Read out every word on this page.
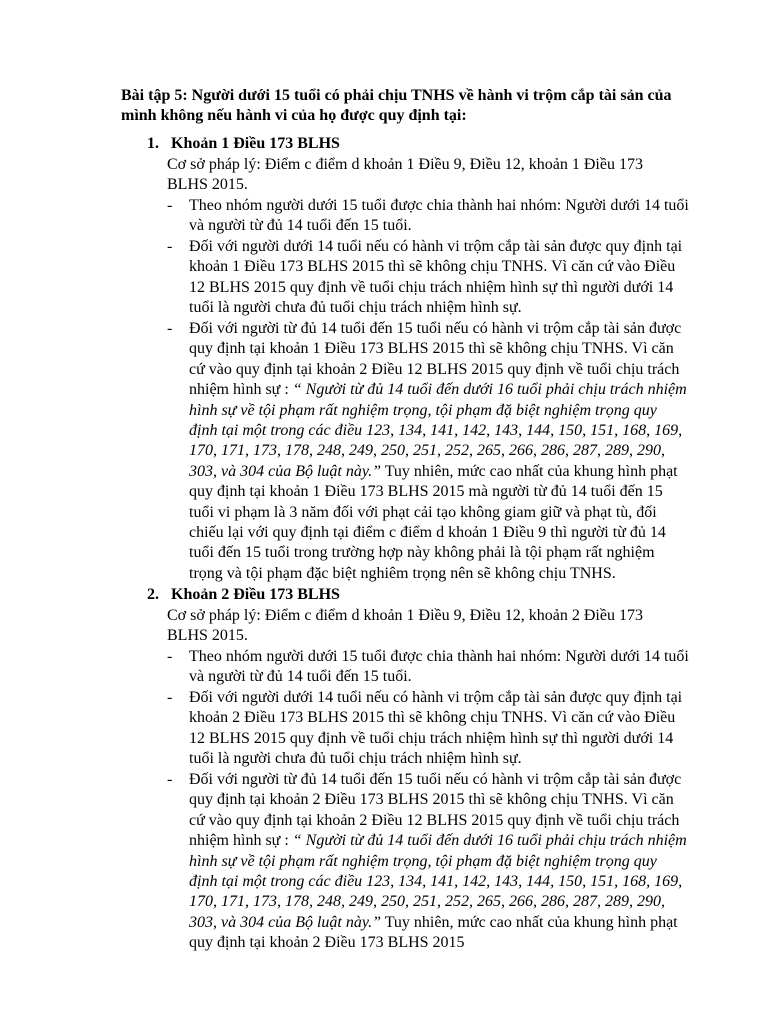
Bài tập 5: Người dưới 15 tuổi có phải chịu TNHS về hành vi trộm cắp tài sản của mình không nếu hành vi của họ được quy định tại:

1. Khoản 1 Điều 173 BLHS
Cơ sở pháp lý: Điểm c điểm d khoản 1 Điều 9, Điều 12, khoản 1 Điều 173 BLHS 2015.
- Theo nhóm người dưới 15 tuổi được chia thành hai nhóm: Người dưới 14 tuổi và người từ đủ 14 tuổi đến 15 tuổi.
- Đối với người dưới 14 tuổi nếu có hành vi trộm cắp tài sản được quy định tại khoản 1 Điều 173 BLHS 2015 thì sẽ không chịu TNHS. Vì căn cứ vào Điều 12 BLHS 2015 quy định về tuổi chịu trách nhiệm hình sự thì người dưới 14 tuổi là người chưa đủ tuổi chịu trách nhiệm hình sự.
- Đối với người từ đủ 14 tuổi đến 15 tuổi nếu có hành vi trộm cắp tài sản được quy định tại khoản 1 Điều 173 BLHS 2015 thì sẽ không chịu TNHS. Vì căn cứ vào quy định tại khoản 2 Điều 12 BLHS 2015 quy định về tuổi chịu trách nhiệm hình sự : “ Người từ đủ 14 tuổi đến dưới 16 tuổi phải chịu trách nhiệm hình sự về tội phạm rất nghiệm trọng, tội phạm đặ biệt nghiệm trọng quy định tại một trong các điều 123, 134, 141, 142, 143, 144, 150, 151, 168, 169, 170, 171, 173, 178, 248, 249, 250, 251, 252, 265, 266, 286, 287, 289, 290, 303, và 304 của Bộ luật này.” Tuy nhiên, mức cao nhất của khung hình phạt quy định tại khoản 1 Điều 173 BLHS 2015 mà người từ đủ 14 tuổi đến 15 tuổi vi phạm là 3 năm đối với phạt cải tạo không giam giữ và phạt tù, đối chiếu lại với quy định tại điểm c điểm d khoản 1 Điều 9 thì người từ đủ 14 tuổi đến 15 tuổi trong trường hợp này không phải là tội phạm rất nghiệm trọng và tội phạm đặc biệt nghiêm trọng nên sẽ không chịu TNHS.
2. Khoản 2 Điều 173 BLHS
Cơ sở pháp lý: Điểm c điểm d khoản 1 Điều 9, Điều 12, khoản 2 Điều 173 BLHS 2015.
- Theo nhóm người dưới 15 tuổi được chia thành hai nhóm: Người dưới 14 tuổi và người từ đủ 14 tuổi đến 15 tuổi.
- Đối với người dưới 14 tuổi nếu có hành vi trộm cắp tài sản được quy định tại khoản 2 Điều 173 BLHS 2015 thì sẽ không chịu TNHS. Vì căn cứ vào Điều 12 BLHS 2015 quy định về tuổi chịu trách nhiệm hình sự thì người dưới 14 tuổi là người chưa đủ tuổi chịu trách nhiệm hình sự.
- Đối với người từ đủ 14 tuổi đến 15 tuổi nếu có hành vi trộm cắp tài sản được quy định tại khoản 2 Điều 173 BLHS 2015 thì sẽ không chịu TNHS. Vì căn cứ vào quy định tại khoản 2 Điều 12 BLHS 2015 quy định về tuổi chịu trách nhiệm hình sự : “ Người từ đủ 14 tuổi đến dưới 16 tuổi phải chịu trách nhiệm hình sự về tội phạm rất nghiệm trọng, tội phạm đặ biệt nghiệm trọng quy định tại một trong các điều 123, 134, 141, 142, 143, 144, 150, 151, 168, 169, 170, 171, 173, 178, 248, 249, 250, 251, 252, 265, 266, 286, 287, 289, 290, 303, và 304 của Bộ luật này.” Tuy nhiên, mức cao nhất của khung hình phạt quy định tại khoản 2 Điều 173 BLHS 2015
